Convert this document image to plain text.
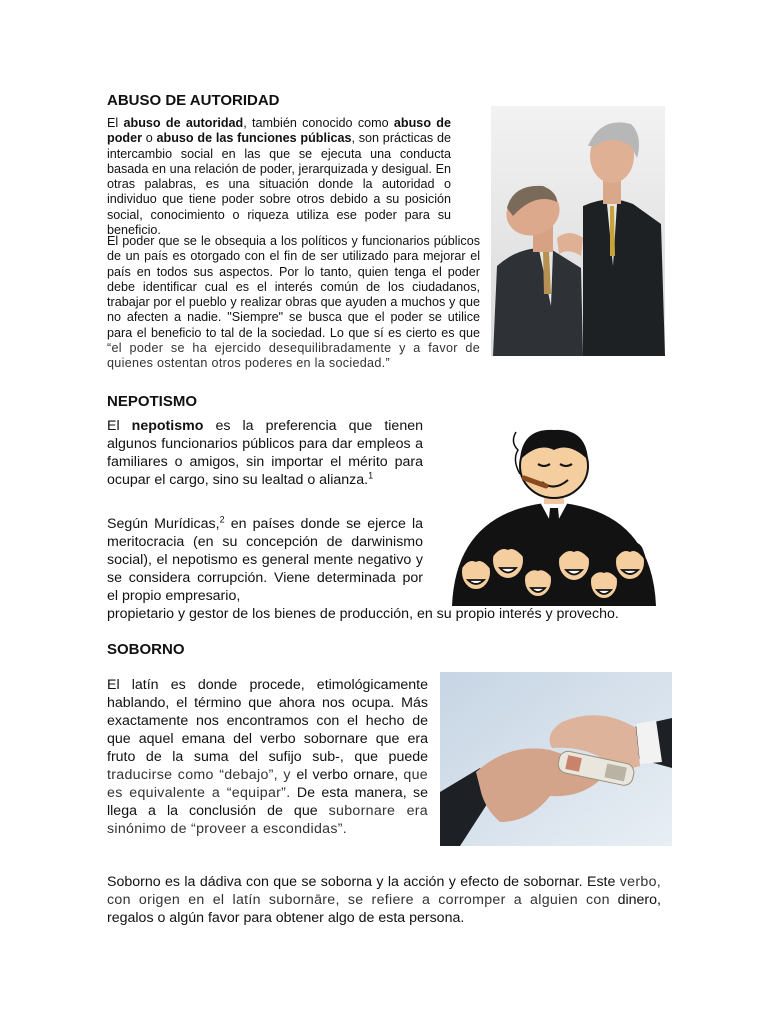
ABUSO DE AUTORIDAD

El abuso de autoridad, también conocido como abuso de poder o abuso de las funciones públicas, son prácticas de intercambio social en las que se ejecuta una conducta basada en una relación de poder, jerarquizada y desigual. En otras palabras, es una situación donde la autoridad o individuo que tiene poder sobre otros debido a su posición social, conocimiento o riqueza utiliza ese poder para su beneficio.

El poder que se le obsequia a los políticos y funcionarios públicos de un país es otorgado con el fin de ser utilizado para mejorar el país en todos sus aspectos. Por lo tanto, quien tenga el poder debe identificar cual es el interés común de los ciudadanos, trabajar por el pueblo y realizar obras que ayuden a muchos y que no afecten a nadie. "Siempre" se busca que el poder se utilice para el beneficio to tal de la sociedad. Lo que sí es cierto es que “el poder se ha ejercido desequilibradamente y a favor de quienes ostentan otros poderes en la sociedad.”

NEPOTISMO

El nepotismo es la preferencia que tienen algunos funcionarios públicos para dar empleos a familiares o amigos, sin importar el mérito para ocupar el cargo, sino su lealtad o alianza.$^1$

Según Murídicas,$^2$ en países donde se ejerce la meritocracia (en su concepción de darwinismo social), el nepotismo es general mente negativo y se considera corrupción. Viene determinada por el propio empresario,

propietario y gestor de los bienes de producción, en su propio interés y provecho.

SOBORNO

El latín es donde procede, etimológicamente hablando, el término que ahora nos ocupa. Más exactamente nos encontramos con el hecho de que aquel emana del verbo sobornare que era fruto de la suma del sufijo sub-, que puede traducirse como “debajo”, y el verbo ornare, que es equivalente a “equipar”. De esta manera, se llega a la conclusión de que subornare era sinónimo de “proveer a escondidas”.

Soborno es la dádiva con que se soborna y la acción y efecto de sobornar. Este verbo, con origen en el latín subornāre, se refiere a corromper a alguien con dinero, regalos o algún favor para obtener algo de esta persona.
